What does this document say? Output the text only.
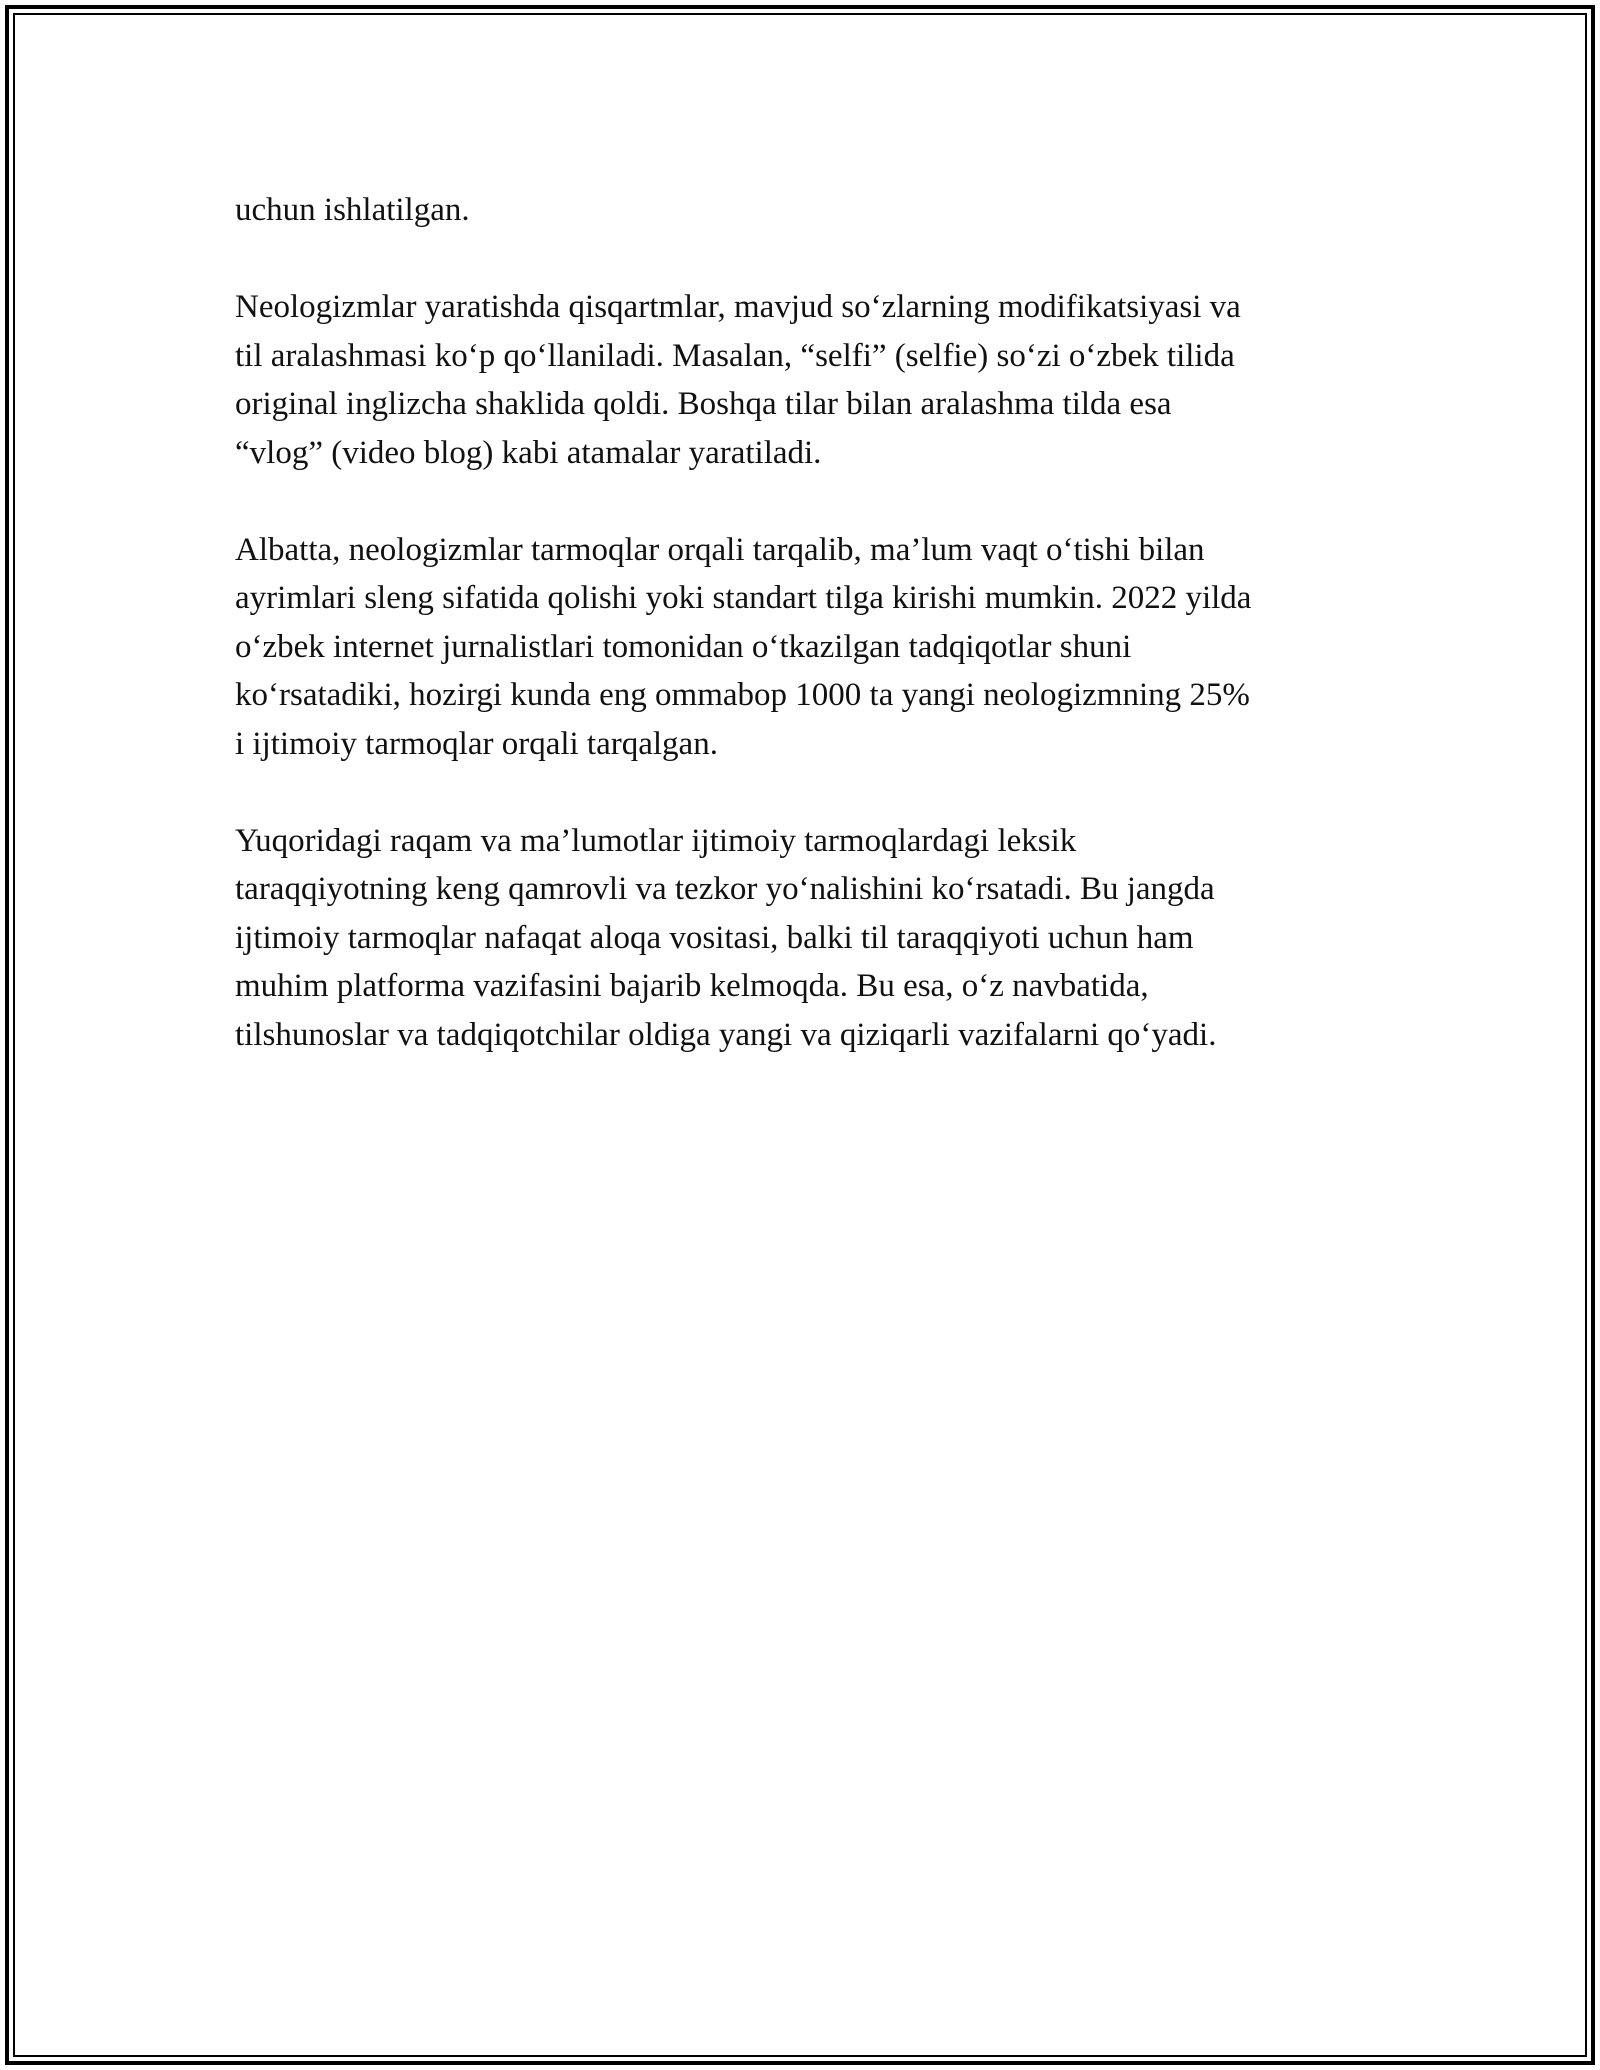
uchun ishlatilgan.
Neologizmlar yaratishda qisqartmlar, mavjud so‘zlarning modifikatsiyasi va
til aralashmasi ko‘p qo‘llaniladi. Masalan, “selfi” (selfie) so‘zi o‘zbek tilida
original inglizcha shaklida qoldi. Boshqa tilar bilan aralashma tilda esa
“vlog” (video blog) kabi atamalar yaratiladi.
Albatta, neologizmlar tarmoqlar orqali tarqalib, ma’lum vaqt o‘tishi bilan
ayrimlari sleng sifatida qolishi yoki standart tilga kirishi mumkin. 2022 yilda
o‘zbek internet jurnalistlari tomonidan o‘tkazilgan tadqiqotlar shuni
ko‘rsatadiki, hozirgi kunda eng ommabop 1000 ta yangi neologizmning 25%
i ijtimoiy tarmoqlar orqali tarqalgan.
Yuqoridagi raqam va ma’lumotlar ijtimoiy tarmoqlardagi leksik
taraqqiyotning keng qamrovli va tezkor yo‘nalishini ko‘rsatadi. Bu jangda
ijtimoiy tarmoqlar nafaqat aloqa vositasi, balki til taraqqiyoti uchun ham
muhim platforma vazifasini bajarib kelmoqda. Bu esa, o‘z navbatida,
tilshunoslar va tadqiqotchilar oldiga yangi va qiziqarli vazifalarni qo‘yadi.
